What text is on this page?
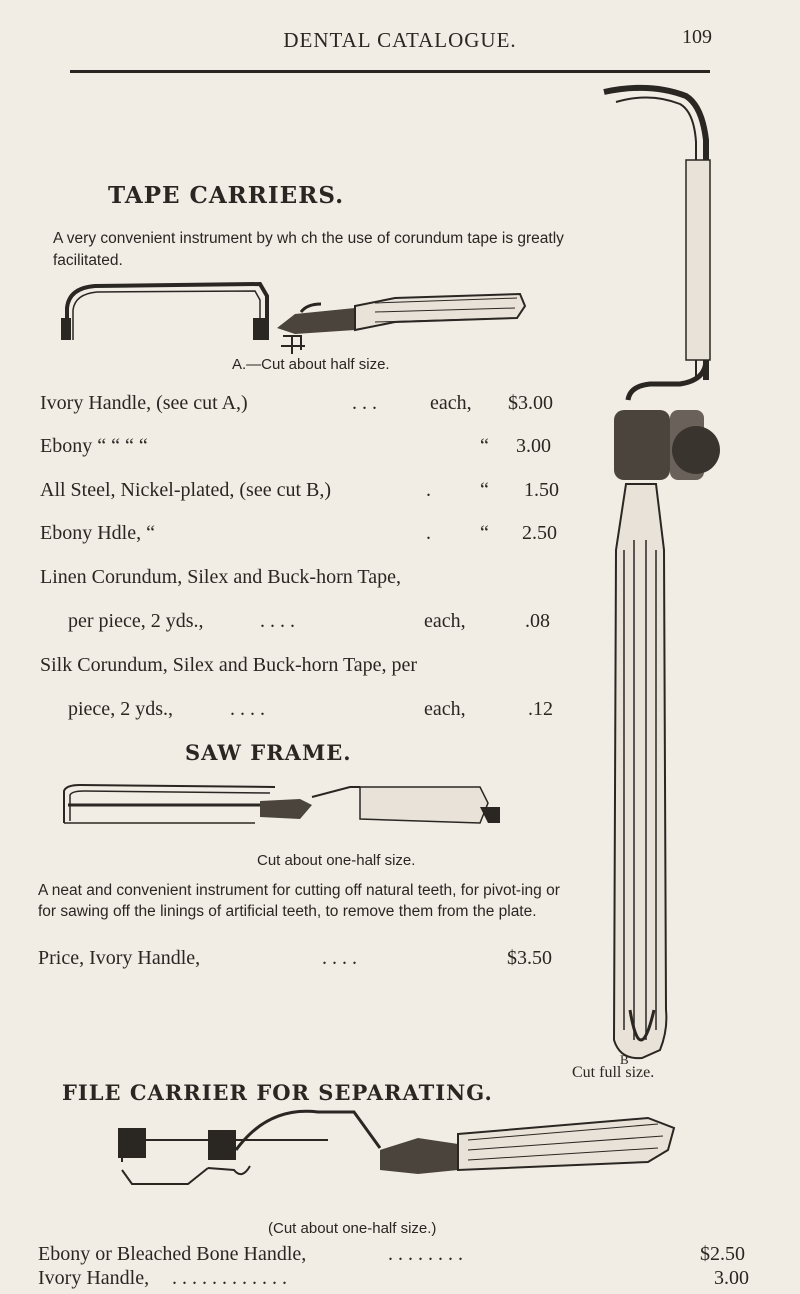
DENTAL CATALOGUE.	109
TAPE CARRIERS.
A very convenient instrument by wh ch the use of corundum tape is greatly facilitated.
A.—Cut about half size.
Ivory Handle, (see cut A,)	. . .	each, $3.00
Ebony “ “ “ “	“ 3.00
All Steel, Nickel-plated, (see cut B,)	. “ 1.50
Ebony Hdle, “	. “ 2.50
Linen Corundum, Silex and Buck-horn Tape,
per piece, 2 yds.,	. . . .	each,	.08
Silk Corundum, Silex and Buck-horn Tape, per
piece, 2 yds.,	. . . .	each,	.12
SAW FRAME.
Cut about one-half size.
A neat and convenient instrument for cutting off natural teeth, for pivot-ing or for sawing off the linings of artificial teeth, to remove them from the plate.
Price, Ivory Handle,	. . . .	$3.50
B
Cut full size.
FILE CARRIER FOR SEPARATING.
(Cut about one-half size.)
Ebony or Bleached Bone Handle,	. . . . . . . .	$2.50
Ivory Handle, . . . . . . . . . . . .	3.00
